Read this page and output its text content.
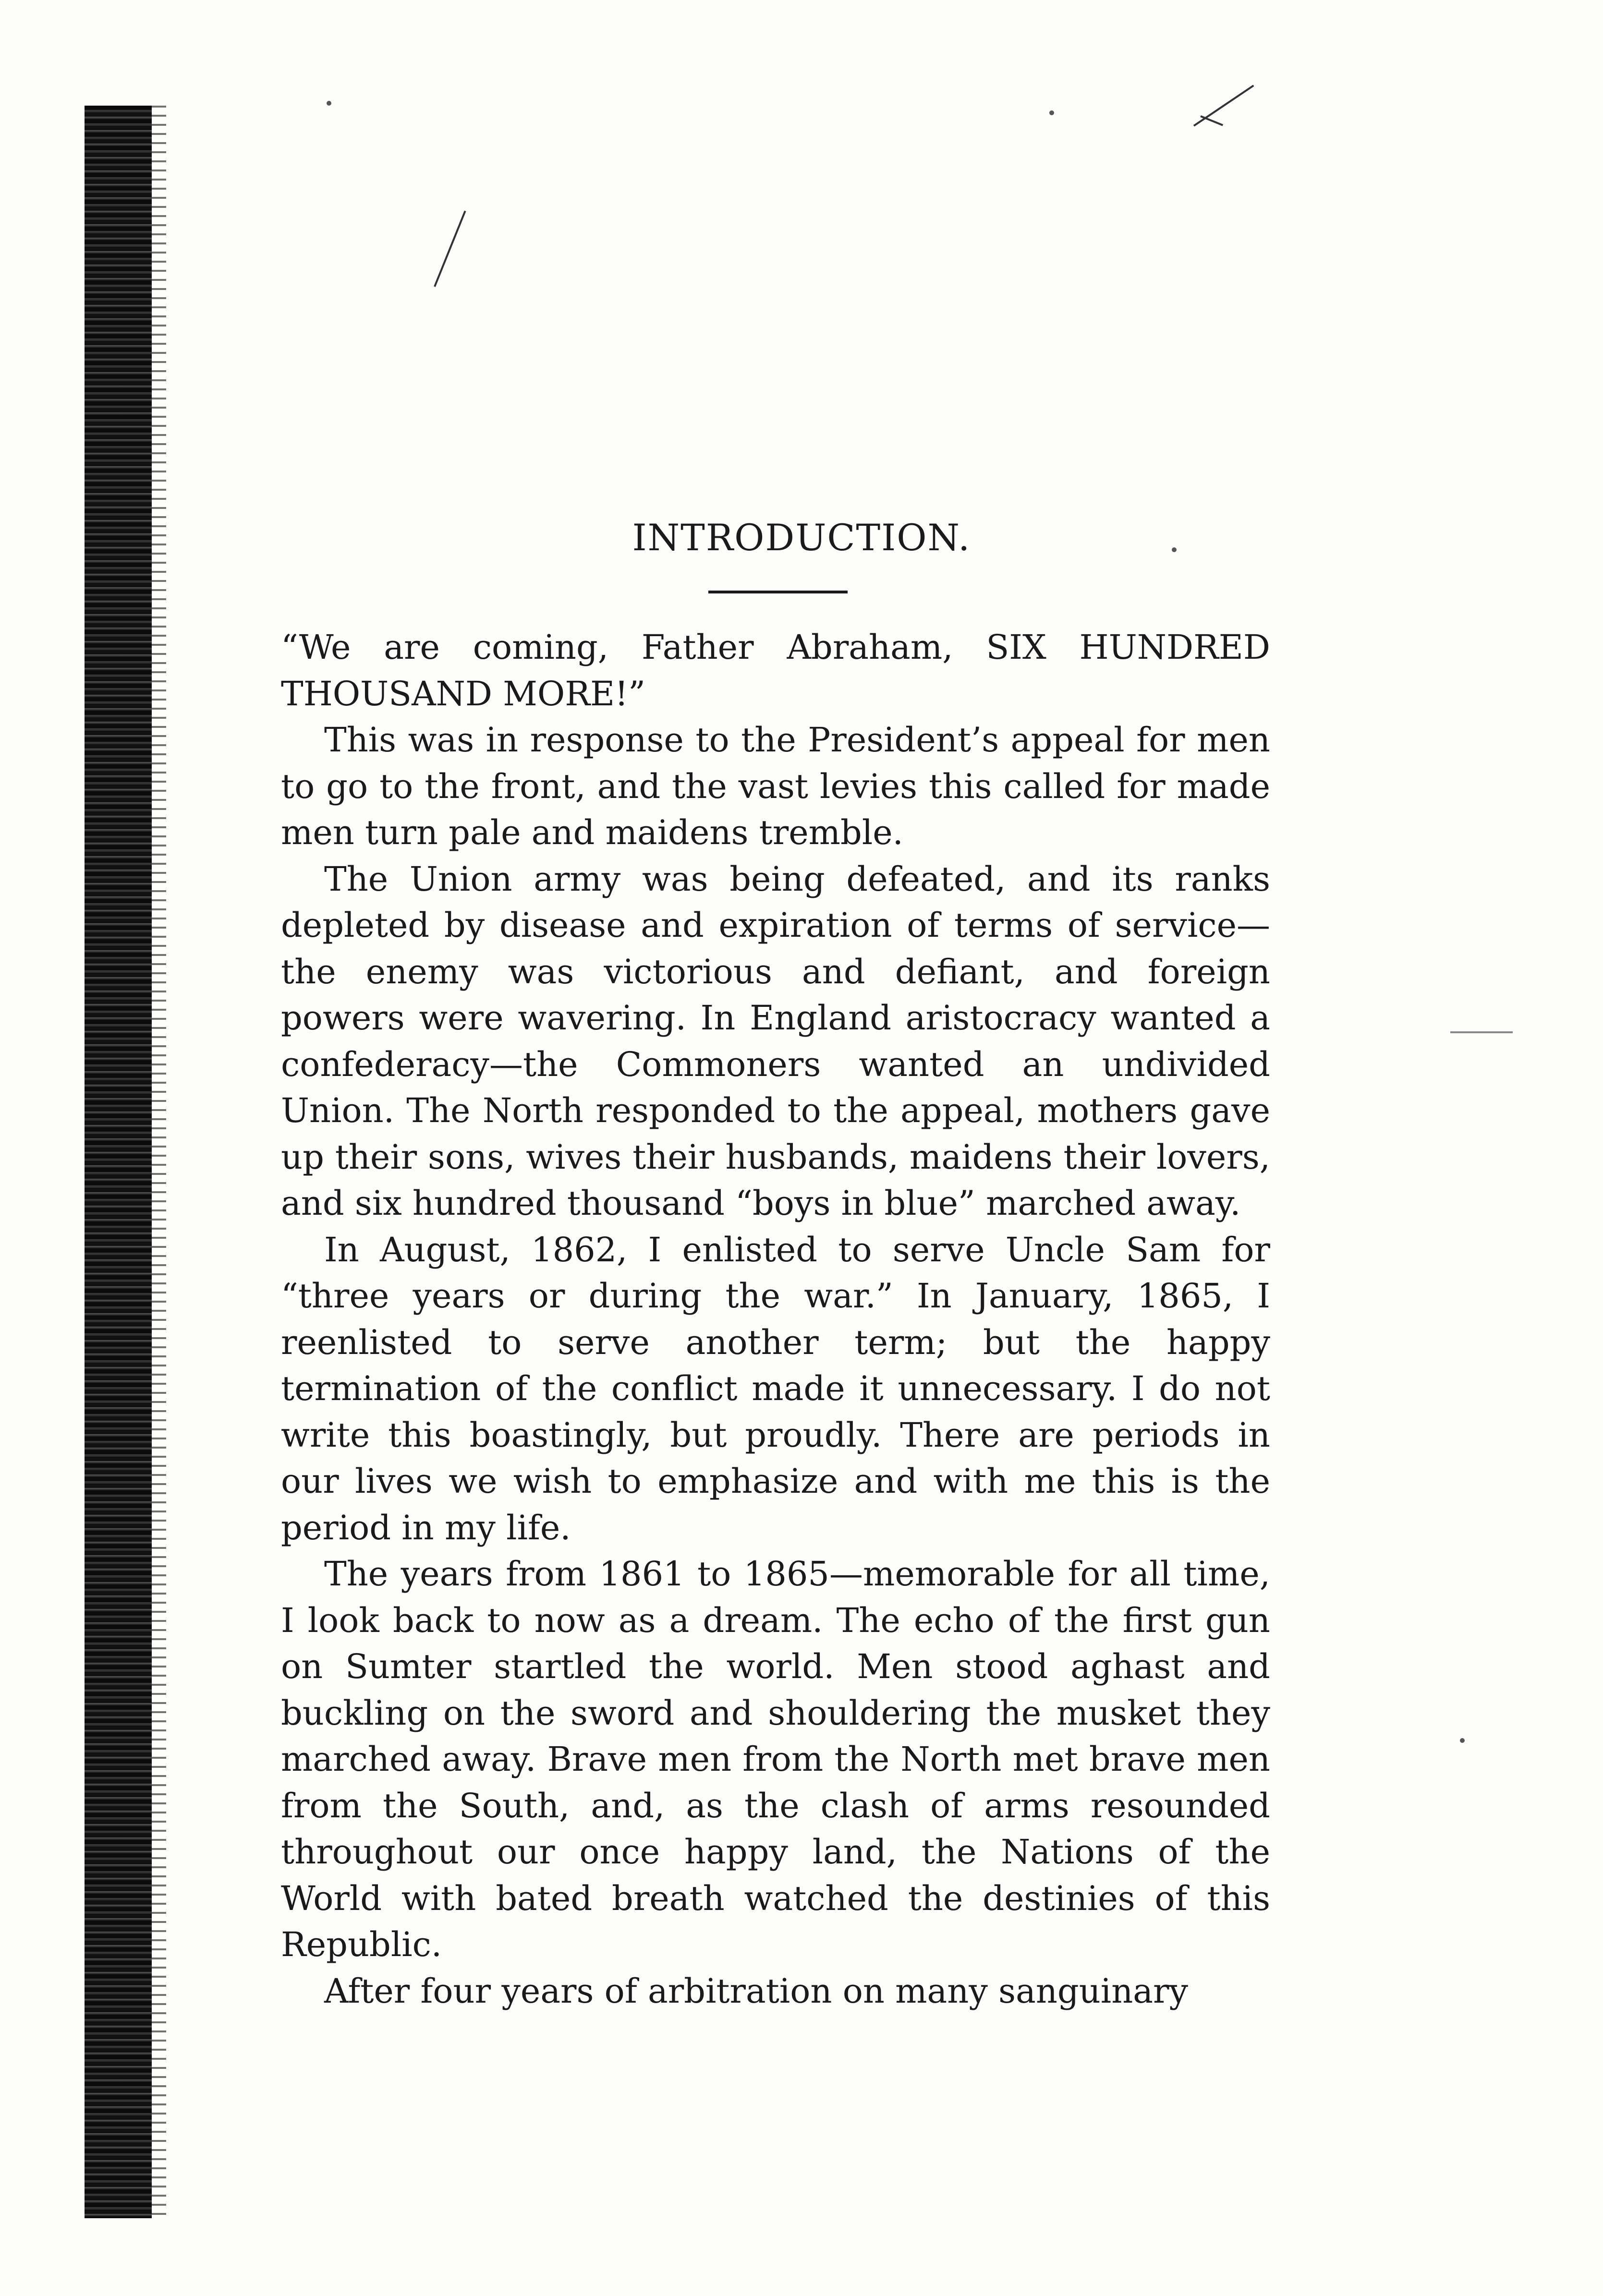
INTRODUCTION.

“We are coming, Father Abraham, SIX HUNDRED THOUSAND MORE!”

This was in response to the President’s appeal for men to go to the front, and the vast levies this called for made men turn pale and maidens tremble.

The Union army was being defeated, and its ranks depleted by disease and expiration of terms of service—the enemy was victorious and defiant, and foreign powers were wavering. In England aristocracy wanted a confederacy—the Commoners wanted an undivided Union. The North responded to the appeal, mothers gave up their sons, wives their husbands, maidens their lovers, and six hundred thousand “boys in blue” marched away.

In August, 1862, I enlisted to serve Uncle Sam for “three years or during the war.” In January, 1865, I reenlisted to serve another term; but the happy termination of the conflict made it unnecessary. I do not write this boastingly, but proudly. There are periods in our lives we wish to emphasize and with me this is the period in my life.

The years from 1861 to 1865—memorable for all time, I look back to now as a dream. The echo of the first gun on Sumter startled the world. Men stood aghast and buckling on the sword and shouldering the musket they marched away. Brave men from the North met brave men from the South, and, as the clash of arms resounded throughout our once happy land, the Nations of the World with bated breath watched the destinies of this Republic.

After four years of arbitration on many sanguinary
